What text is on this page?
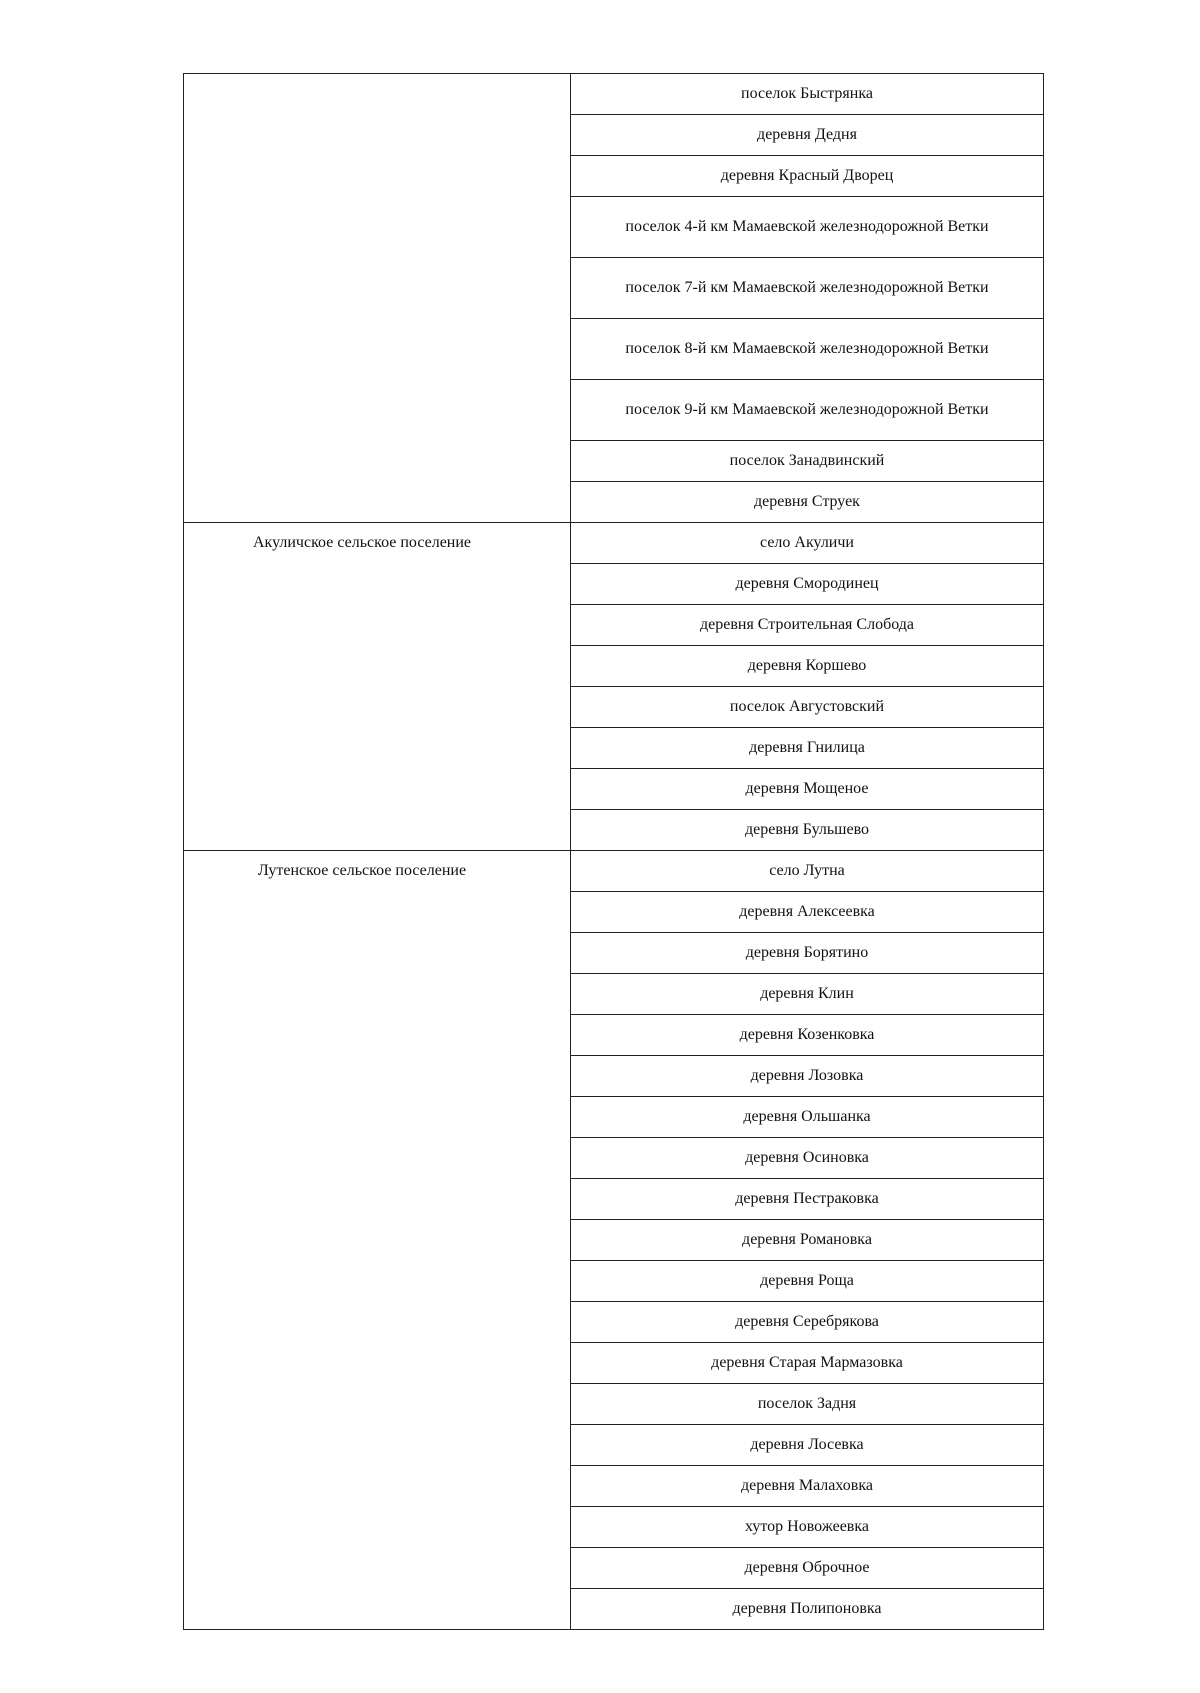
	поселок Быстрянка
	деревня Дедня
	деревня Красный Дворец
	поселок 4-й км Мамаевской железнодорожной Ветки
	поселок 7-й км Мамаевской железнодорожной Ветки
	поселок 8-й км Мамаевской железнодорожной Ветки
	поселок 9-й км Мамаевской железнодорожной Ветки
	поселок Занадвинский
	деревня Струек
Акуличское сельское поселение	село Акуличи
	деревня Смородинец
	деревня Строительная Слобода
	деревня Коршево
	поселок Августовский
	деревня Гнилица
	деревня Мощеное
	деревня Бульшево
Лутенское сельское поселение	село Лутна
	деревня Алексеевка
	деревня Борятино
	деревня Клин
	деревня Козенковка
	деревня Лозовка
	деревня Ольшанка
	деревня Осиновка
	деревня Пестраковка
	деревня Романовка
	деревня Роща
	деревня Серебрякова
	деревня Старая Мармазовка
	поселок Задня
	деревня Лосевка
	деревня Малаховка
	хутор Новожеевка
	деревня Оброчное
	деревня Полипоновка
